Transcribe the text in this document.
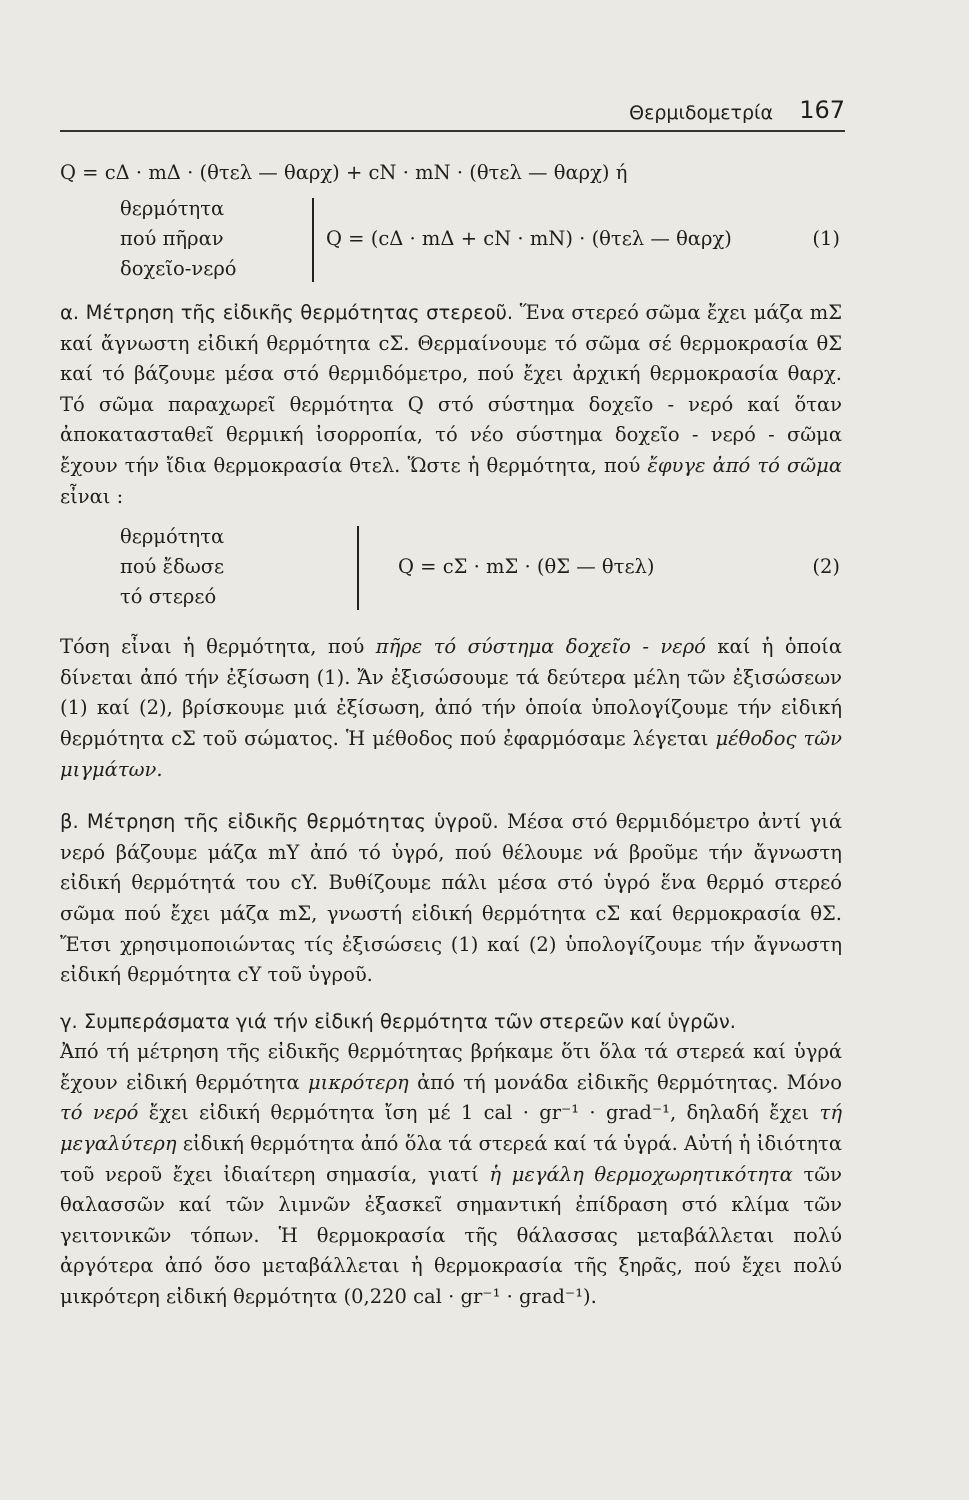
Θερμιδομετρία 167
Q = cΔ · mΔ · (θτελ — θαρχ) + cN · mN · (θτελ — θαρχ) ή
θερμότητα
πού πῆραν
δοχεῖο-νερό
Q = (cΔ · mΔ + cN · mN) · (θτελ — θαρχ)	(1)

α. Μέτρηση τῆς εἰδικῆς θερμότητας στερεοῦ. Ἕνα στερεό σῶμα ἔχει μάζα mΣ καί ἄγνωστη εἰδική θερμότητα cΣ. Θερμαίνουμε τό σῶμα σέ θερμοκρασία θΣ καί τό βάζουμε μέσα στό θερμιδόμετρο, πού ἔχει ἀρχική θερμοκρασία θαρχ. Τό σῶμα παραχωρεῖ θερμότητα Q στό σύστημα δοχεῖο - νερό καί ὅταν ἀποκατασταθεῖ θερμική ἰσορροπία, τό νέο σύστημα δοχεῖο - νερό - σῶμα ἔχουν τήν ἴδια θερμοκρασία θτελ. Ὥστε ἡ θερμότητα, πού ἔφυγε ἀπό τό σῶμα εἶναι :

θερμότητα
πού ἔδωσε
τό στερεό
Q = cΣ · mΣ · (θΣ — θτελ)	(2)

Τόση εἶναι ἡ θερμότητα, πού πῆρε τό σύστημα δοχεῖο - νερό καί ἡ ὁποία δίνεται ἀπό τήν ἐξίσωση (1). Ἄν ἐξισώσουμε τά δεύτερα μέλη τῶν ἐξισώσεων (1) καί (2), βρίσκουμε μιά ἐξίσωση, ἀπό τήν ὁποία ὑπολογίζουμε τήν εἰδική θερμότητα cΣ τοῦ σώματος. Ἡ μέθοδος πού ἐφαρμόσαμε λέγεται μέθοδος τῶν μιγμάτων.

β. Μέτρηση τῆς εἰδικῆς θερμότητας ὑγροῦ. Μέσα στό θερμιδόμετρο ἀντί γιά νερό βάζουμε μάζα mY ἀπό τό ὑγρό, πού θέλουμε νά βροῦμε τήν ἄγνωστη εἰδική θερμότητά του cY. Βυθίζουμε πάλι μέσα στό ὑγρό ἕνα θερμό στερεό σῶμα πού ἔχει μάζα mΣ, γνωστή εἰδική θερμότητα cΣ καί θερμοκρασία θΣ. Ἔτσι χρησιμοποιώντας τίς ἐξισώσεις (1) καί (2) ὑπολογίζουμε τήν ἄγνωστη εἰδική θερμότητα cY τοῦ ὑγροῦ.

γ. Συμπεράσματα γιά τήν εἰδική θερμότητα τῶν στερεῶν καί ὑγρῶν.

Ἀπό τή μέτρηση τῆς εἰδικῆς θερμότητας βρήκαμε ὅτι ὅλα τά στερεά καί ὑγρά ἔχουν εἰδική θερμότητα μικρότερη ἀπό τή μονάδα εἰδικῆς θερμότητας. Μόνο τό νερό ἔχει εἰδική θερμότητα ἴση μέ 1 cal · gr⁻¹ · grad⁻¹, δηλαδή ἔχει τή μεγαλύτερη εἰδική θερμότητα ἀπό ὅλα τά στερεά καί τά ὑγρά. Αὐτή ἡ ἰδιότητα τοῦ νεροῦ ἔχει ἰδιαίτερη σημασία, γιατί ἡ μεγάλη θερμοχωρητικότητα τῶν θαλασσῶν καί τῶν λιμνῶν ἐξασκεῖ σημαντική ἐπίδραση στό κλίμα τῶν γειτονικῶν τόπων. Ἡ θερμοκρασία τῆς θάλασσας μεταβάλλεται πολύ ἀργότερα ἀπό ὅσο μεταβάλλεται ἡ θερμοκρασία τῆς ξηρᾶς, πού ἔχει πολύ μικρότερη εἰδική θερμότητα (0,220 cal · gr⁻¹ · grad⁻¹).
